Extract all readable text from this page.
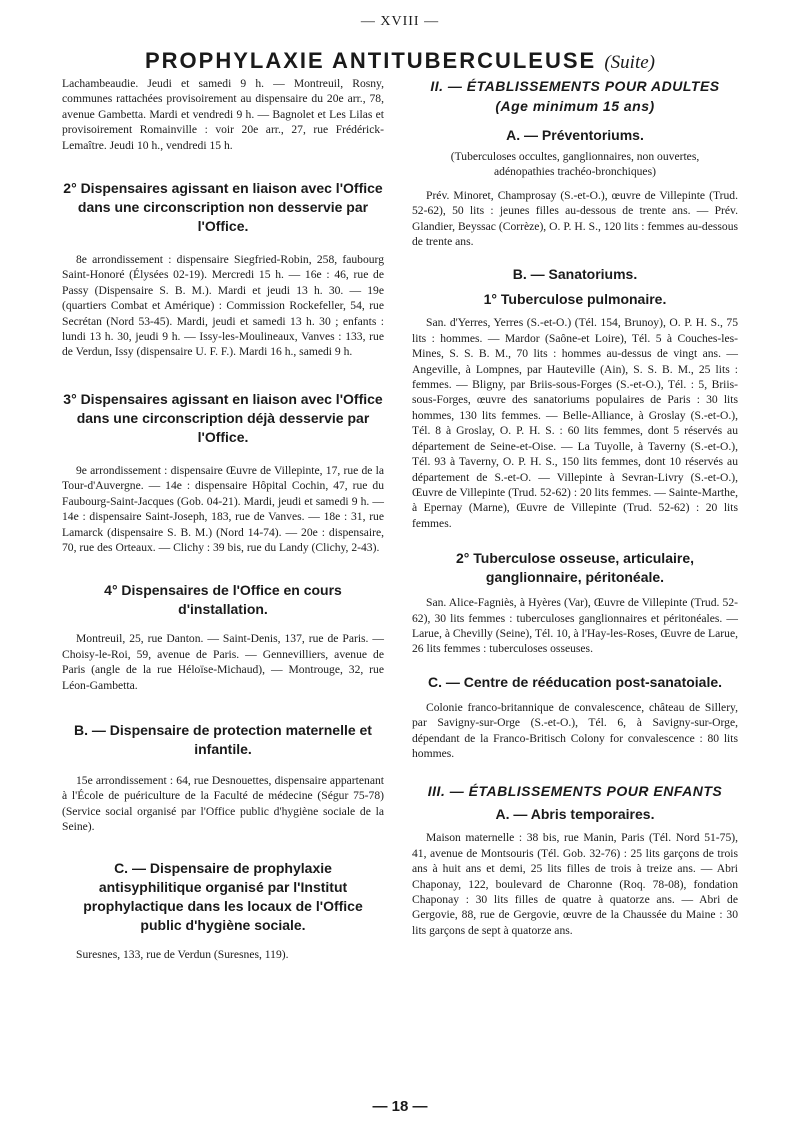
— XVIII —
PROPHYLAXIE ANTITUBERCULEUSE (Suite)

Lachambeaudie. Jeudi et samedi 9 h. — Montreuil, Rosny, communes rattachées provisoirement au dispensaire du 20e arr., 78, avenue Gambetta. Mardi et vendredi 9 h. — Bagnolet et Les Lilas et provisoirement Romainville : voir 20e arr., 27, rue Frédérick-Lemaître. Jeudi 10 h., vendredi 15 h.

2° Dispensaires agissant en liaison avec l'Office dans une circonscription non desservie par l'Office.

8e arrondissement : dispensaire Siegfried-Robin, 258, faubourg Saint-Honoré (Élysées 02-19). Mercredi 15 h. — 16e : 46, rue de Passy (Dispensaire S. B. M.). Mardi et jeudi 13 h. 30. — 19e (quartiers Combat et Amérique) : Commission Rockefeller, 54, rue Secrétan (Nord 53-45). Mardi, jeudi et samedi 13 h. 30 ; enfants : lundi 13 h. 30, jeudi 9 h. — Issy-les-Moulineaux, Vanves : 133, rue de Verdun, Issy (dispensaire U. F. F.). Mardi 16 h., samedi 9 h.

3° Dispensaires agissant en liaison avec l'Office dans une circonscription déjà desservie par l'Office.

9e arrondissement : dispensaire Œuvre de Villepinte, 17, rue de la Tour-d'Auvergne. — 14e : dispensaire Hôpital Cochin, 47, rue du Faubourg-Saint-Jacques (Gob. 04-21). Mardi, jeudi et samedi 9 h. — 14e : dispensaire Saint-Joseph, 183, rue de Vanves. — 18e : 31, rue Lamarck (dispensaire S. B. M.) (Nord 14-74). — 20e : dispensaire, 70, rue des Orteaux. — Clichy : 39 bis, rue du Landy (Clichy, 2-43).

4° Dispensaires de l'Office en cours d'installation.

Montreuil, 25, rue Danton. — Saint-Denis, 137, rue de Paris. — Choisy-le-Roi, 59, avenue de Paris. — Gennevilliers, avenue de Paris (angle de la rue Héloïse-Michaud), — Montrouge, 32, rue Léon-Gambetta.

B. — Dispensaire de protection maternelle et infantile.

15e arrondissement : 64, rue Desnouettes, dispensaire appartenant à l'École de puériculture de la Faculté de médecine (Ségur 75-78) (Service social organisé par l'Office public d'hygiène sociale de la Seine).

C. — Dispensaire de prophylaxie antisyphilitique organisé par l'Institut prophylactique dans les locaux de l'Office public d'hygiène sociale.

Suresnes, 133, rue de Verdun (Suresnes, 119).

II. — ÉTABLISSEMENTS POUR ADULTES
(Age minimum 15 ans)
A. — Préventoriums.

(Tuberculoses occultes, ganglionnaires, non ouvertes, adénopathies trachéo-bronchiques)

Prév. Minoret, Champrosay (S.-et-O.), œuvre de Villepinte (Trud. 52-62), 50 lits : jeunes filles au-dessous de trente ans. — Prév. Glandier, Beyssac (Corrèze), O. P. H. S., 120 lits : femmes au-dessous de trente ans.

B. — Sanatoriums.
1° Tuberculose pulmonaire.

San. d'Yerres, Yerres (S.-et-O.) (Tél. 154, Brunoy), O. P. H. S., 75 lits : hommes. — Mardor (Saône-et Loire), Tél. 5 à Couches-les-Mines, S. S. B. M., 70 lits : hommes au-dessus de vingt ans. — Angeville, à Lompnes, par Hauteville (Ain), S. S. B. M., 25 lits : femmes. — Bligny, par Briis-sous-Forges (S.-et-O.), Tél. : 5, Briis-sous-Forges, œuvre des sanatoriums populaires de Paris : 30 lits hommes, 130 lits femmes. — Belle-Alliance, à Groslay (S.-et-O.), Tél. 8 à Groslay, O. P. H. S. : 60 lits femmes, dont 5 réservés au département de Seine-et-Oise. — La Tuyolle, à Taverny (S.-et-O.), Tél. 93 à Taverny, O. P. H. S., 150 lits femmes, dont 10 réservés au département de S.-et-O. — Villepinte à Sevran-Livry (S.-et-O.), Œuvre de Villepinte (Trud. 52-62) : 20 lits femmes. — Sainte-Marthe, à Epernay (Marne), Œuvre de Villepinte (Trud. 52-62) : 20 lits femmes.

2° Tuberculose osseuse, articulaire, ganglionnaire, péritonéale.

San. Alice-Fagniès, à Hyères (Var), Œuvre de Villepinte (Trud. 52-62), 30 lits femmes : tuberculoses ganglionnaires et péritonéales. — Larue, à Chevilly (Seine), Tél. 10, à l'Hay-les-Roses, Œuvre de Larue, 26 lits femmes : tuberculoses osseuses.

C. — Centre de rééducation post-sanatoiale.

Colonie franco-britannique de convalescence, château de Sillery, par Savigny-sur-Orge (S.-et-O.), Tél. 6, à Savigny-sur-Orge, dépendant de la Franco-Britisch Colony for convalescence : 80 lits hommes.

III. — ÉTABLISSEMENTS POUR ENFANTS
A. — Abris temporaires.

Maison maternelle : 38 bis, rue Manin, Paris (Tél. Nord 51-75), 41, avenue de Montsouris (Tél. Gob. 32-76) : 25 lits garçons de trois ans à huit ans et demi, 25 lits filles de trois à treize ans. — Abri Chaponay, 122, boulevard de Charonne (Roq. 78-08), fondation Chaponay : 30 lits filles de quatre à quatorze ans. — Abri de Gergovie, 88, rue de Gergovie, œuvre de la Chaussée du Maine : 30 lits garçons de sept à quatorze ans.

— 18 —
